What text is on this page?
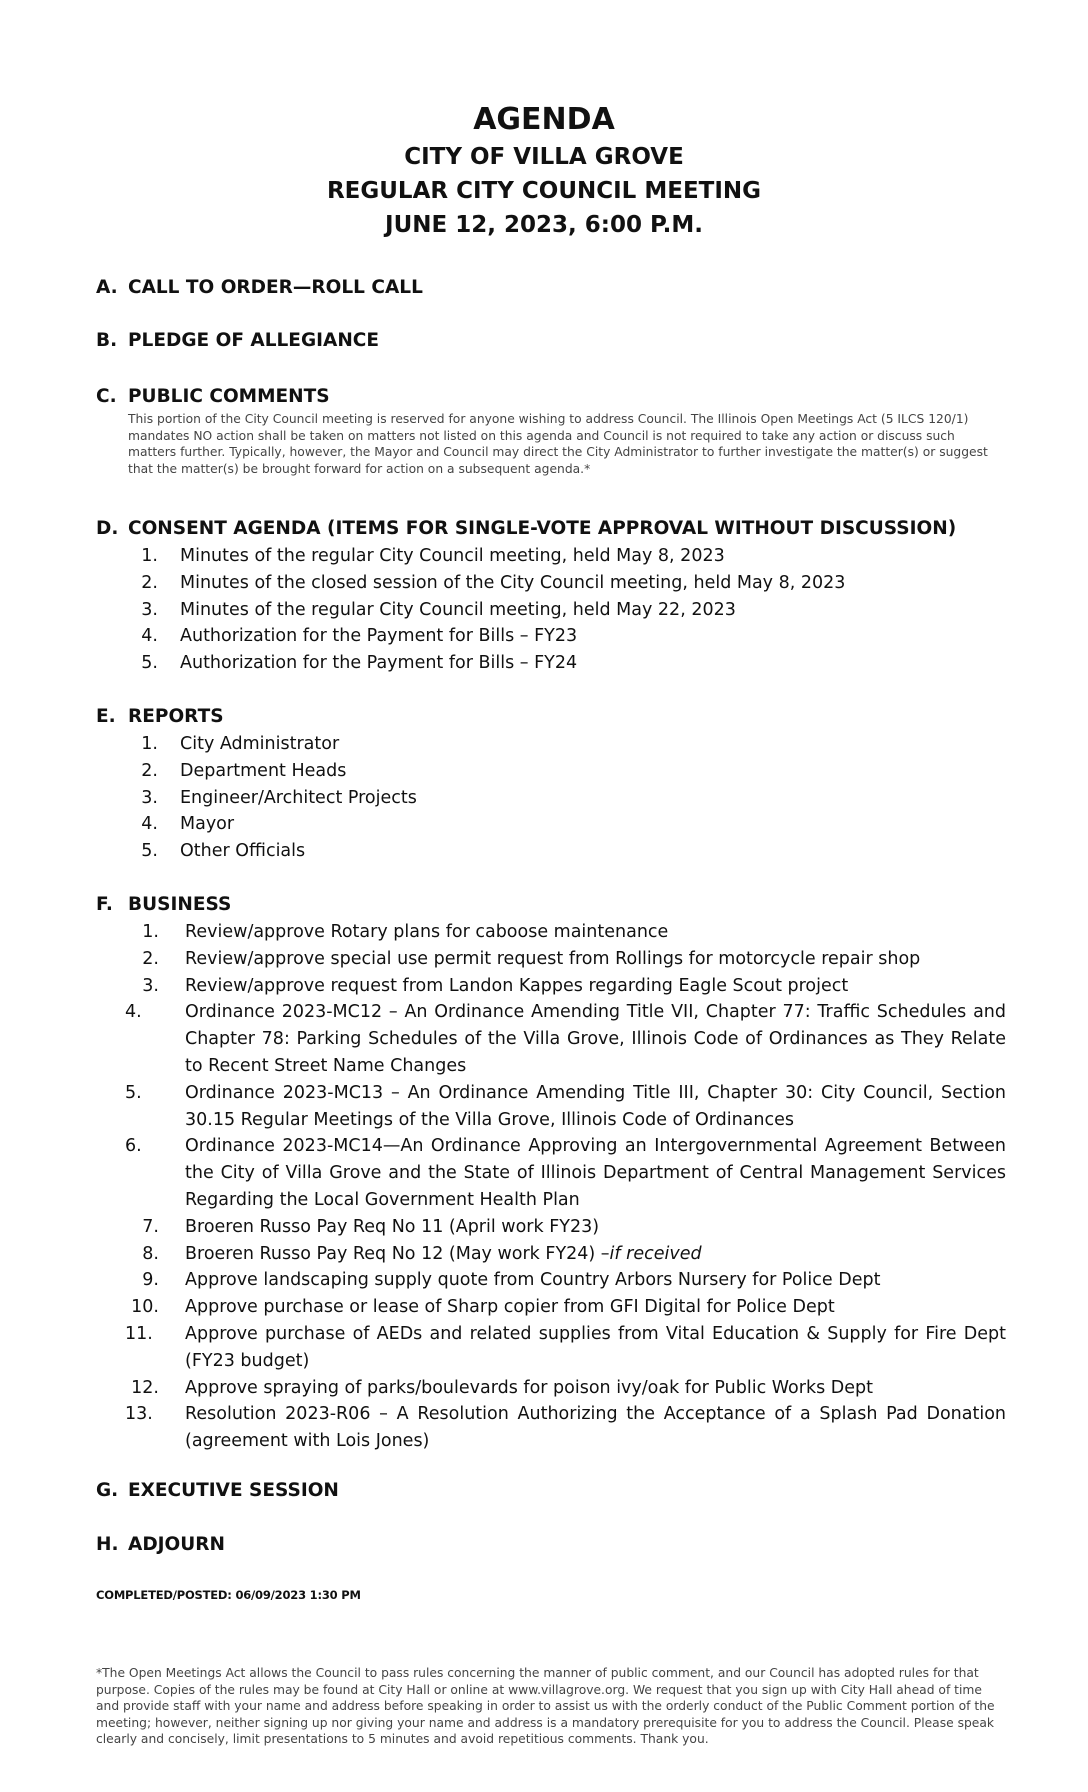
AGENDA
CITY OF VILLA GROVE
REGULAR CITY COUNCIL MEETING
JUNE 12, 2023, 6:00 P.M.
A. CALL TO ORDER—ROLL CALL
B. PLEDGE OF ALLEGIANCE
C. PUBLIC COMMENTS
This portion of the City Council meeting is reserved for anyone wishing to address Council. The Illinois Open Meetings Act (5 ILCS 120/1) mandates NO action shall be taken on matters not listed on this agenda and Council is not required to take any action or discuss such matters further. Typically, however, the Mayor and Council may direct the City Administrator to further investigate the matter(s) or suggest that the matter(s) be brought forward for action on a subsequent agenda.*
D. CONSENT AGENDA (ITEMS FOR SINGLE-VOTE APPROVAL WITHOUT DISCUSSION)
1. Minutes of the regular City Council meeting, held May 8, 2023
2. Minutes of the closed session of the City Council meeting, held May 8, 2023
3. Minutes of the regular City Council meeting, held May 22, 2023
4. Authorization for the Payment for Bills – FY23
5. Authorization for the Payment for Bills – FY24
E. REPORTS
1. City Administrator
2. Department Heads
3. Engineer/Architect Projects
4. Mayor
5. Other Officials
F. BUSINESS
1. Review/approve Rotary plans for caboose maintenance
2. Review/approve special use permit request from Rollings for motorcycle repair shop
3. Review/approve request from Landon Kappes regarding Eagle Scout project
4.	Ordinance 2023-MC12 – An Ordinance Amending Title VII, Chapter 77: Traffic Schedules and Chapter 78: Parking Schedules of the Villa Grove, Illinois Code of Ordinances as They Relate to Recent Street Name Changes
5.	Ordinance 2023-MC13 – An Ordinance Amending Title III, Chapter 30: City Council, Section 30.15 Regular Meetings of the Villa Grove, Illinois Code of Ordinances
6.	Ordinance 2023-MC14—An Ordinance Approving an Intergovernmental Agreement Between the City of Villa Grove and the State of Illinois Department of Central Management Services Regarding the Local Government Health Plan
7. Broeren Russo Pay Req No 11 (April work FY23)
8. Broeren Russo Pay Req No 12 (May work FY24) –if received
9. Approve landscaping supply quote from Country Arbors Nursery for Police Dept
10. Approve purchase or lease of Sharp copier from GFI Digital for Police Dept
11.	Approve purchase of AEDs and related supplies from Vital Education & Supply for Fire Dept (FY23 budget)
12. Approve spraying of parks/boulevards for poison ivy/oak for Public Works Dept
13.	Resolution 2023-R06 – A Resolution Authorizing the Acceptance of a Splash Pad Donation (agreement with Lois Jones)
G. EXECUTIVE SESSION
H. ADJOURN
COMPLETED/POSTED: 06/09/2023 1:30 PM
*The Open Meetings Act allows the Council to pass rules concerning the manner of public comment, and our Council has adopted rules for that purpose. Copies of the rules may be found at City Hall or online at www.villagrove.org. We request that you sign up with City Hall ahead of time and provide staff with your name and address before speaking in order to assist us with the orderly conduct of the Public Comment portion of the meeting; however, neither signing up nor giving your name and address is a mandatory prerequisite for you to address the Council. Please speak clearly and concisely, limit presentations to 5 minutes and avoid repetitious comments. Thank you.
